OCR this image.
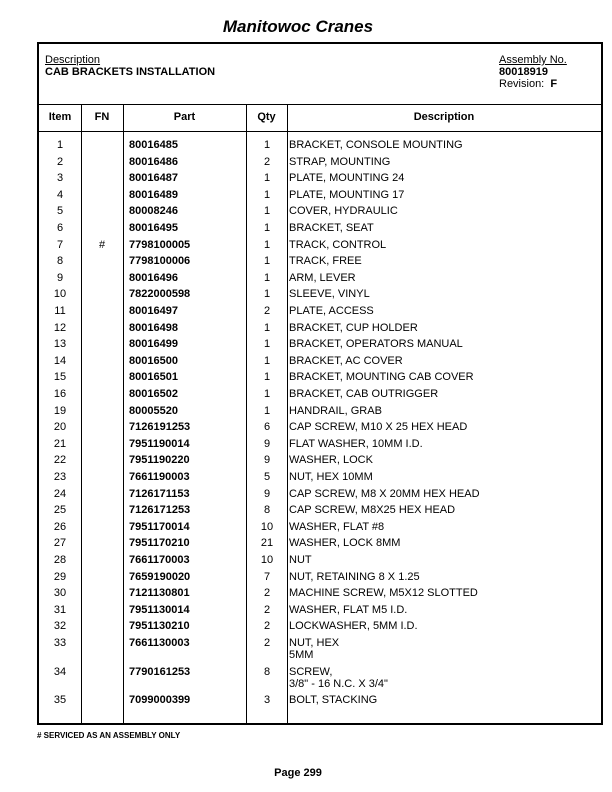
Manitowoc Cranes
Description
CAB BRACKETS INSTALLATION
Assembly No.
80018919
Revision: F
Item	FN	Part	Qty	Description
1	80016485	1	BRACKET, CONSOLE MOUNTING
2	80016486	2	STRAP, MOUNTING
3	80016487	1	PLATE, MOUNTING 24
4	80016489	1	PLATE, MOUNTING 17
5	80008246	1	COVER, HYDRAULIC
6	80016495	1	BRACKET, SEAT
7	#	7798100005	1	TRACK, CONTROL
8	7798100006	1	TRACK, FREE
9	80016496	1	ARM, LEVER
10	7822000598	1	SLEEVE, VINYL
11	80016497	2	PLATE, ACCESS
12	80016498	1	BRACKET, CUP HOLDER
13	80016499	1	BRACKET, OPERATORS MANUAL
14	80016500	1	BRACKET, AC COVER
15	80016501	1	BRACKET, MOUNTING CAB COVER
16	80016502	1	BRACKET, CAB OUTRIGGER
19	80005520	1	HANDRAIL, GRAB
20	7126191253	6	CAP SCREW, M10 X 25 HEX HEAD
21	7951190014	9	FLAT WASHER, 10MM I.D.
22	7951190220	9	WASHER, LOCK
23	7661190003	5	NUT, HEX 10MM
24	7126171153	9	CAP SCREW, M8 X 20MM HEX HEAD
25	7126171253	8	CAP SCREW, M8X25 HEX HEAD
26	7951170014	10	WASHER, FLAT #8
27	7951170210	21	WASHER, LOCK 8MM
28	7661170003	10	NUT
29	7659190020	7	NUT, RETAINING 8 X 1.25
30	7121130801	2	MACHINE SCREW, M5X12 SLOTTED
31	7951130014	2	WASHER, FLAT M5 I.D.
32	7951130210	2	LOCKWASHER, 5MM I.D.
33	7661130003	2	NUT, HEX
5MM
34	7790161253	8	SCREW,
3/8" - 16 N.C. X 3/4"
35	7099000399	3	BOLT, STACKING
# SERVICED AS AN ASSEMBLY ONLY
Page 299
